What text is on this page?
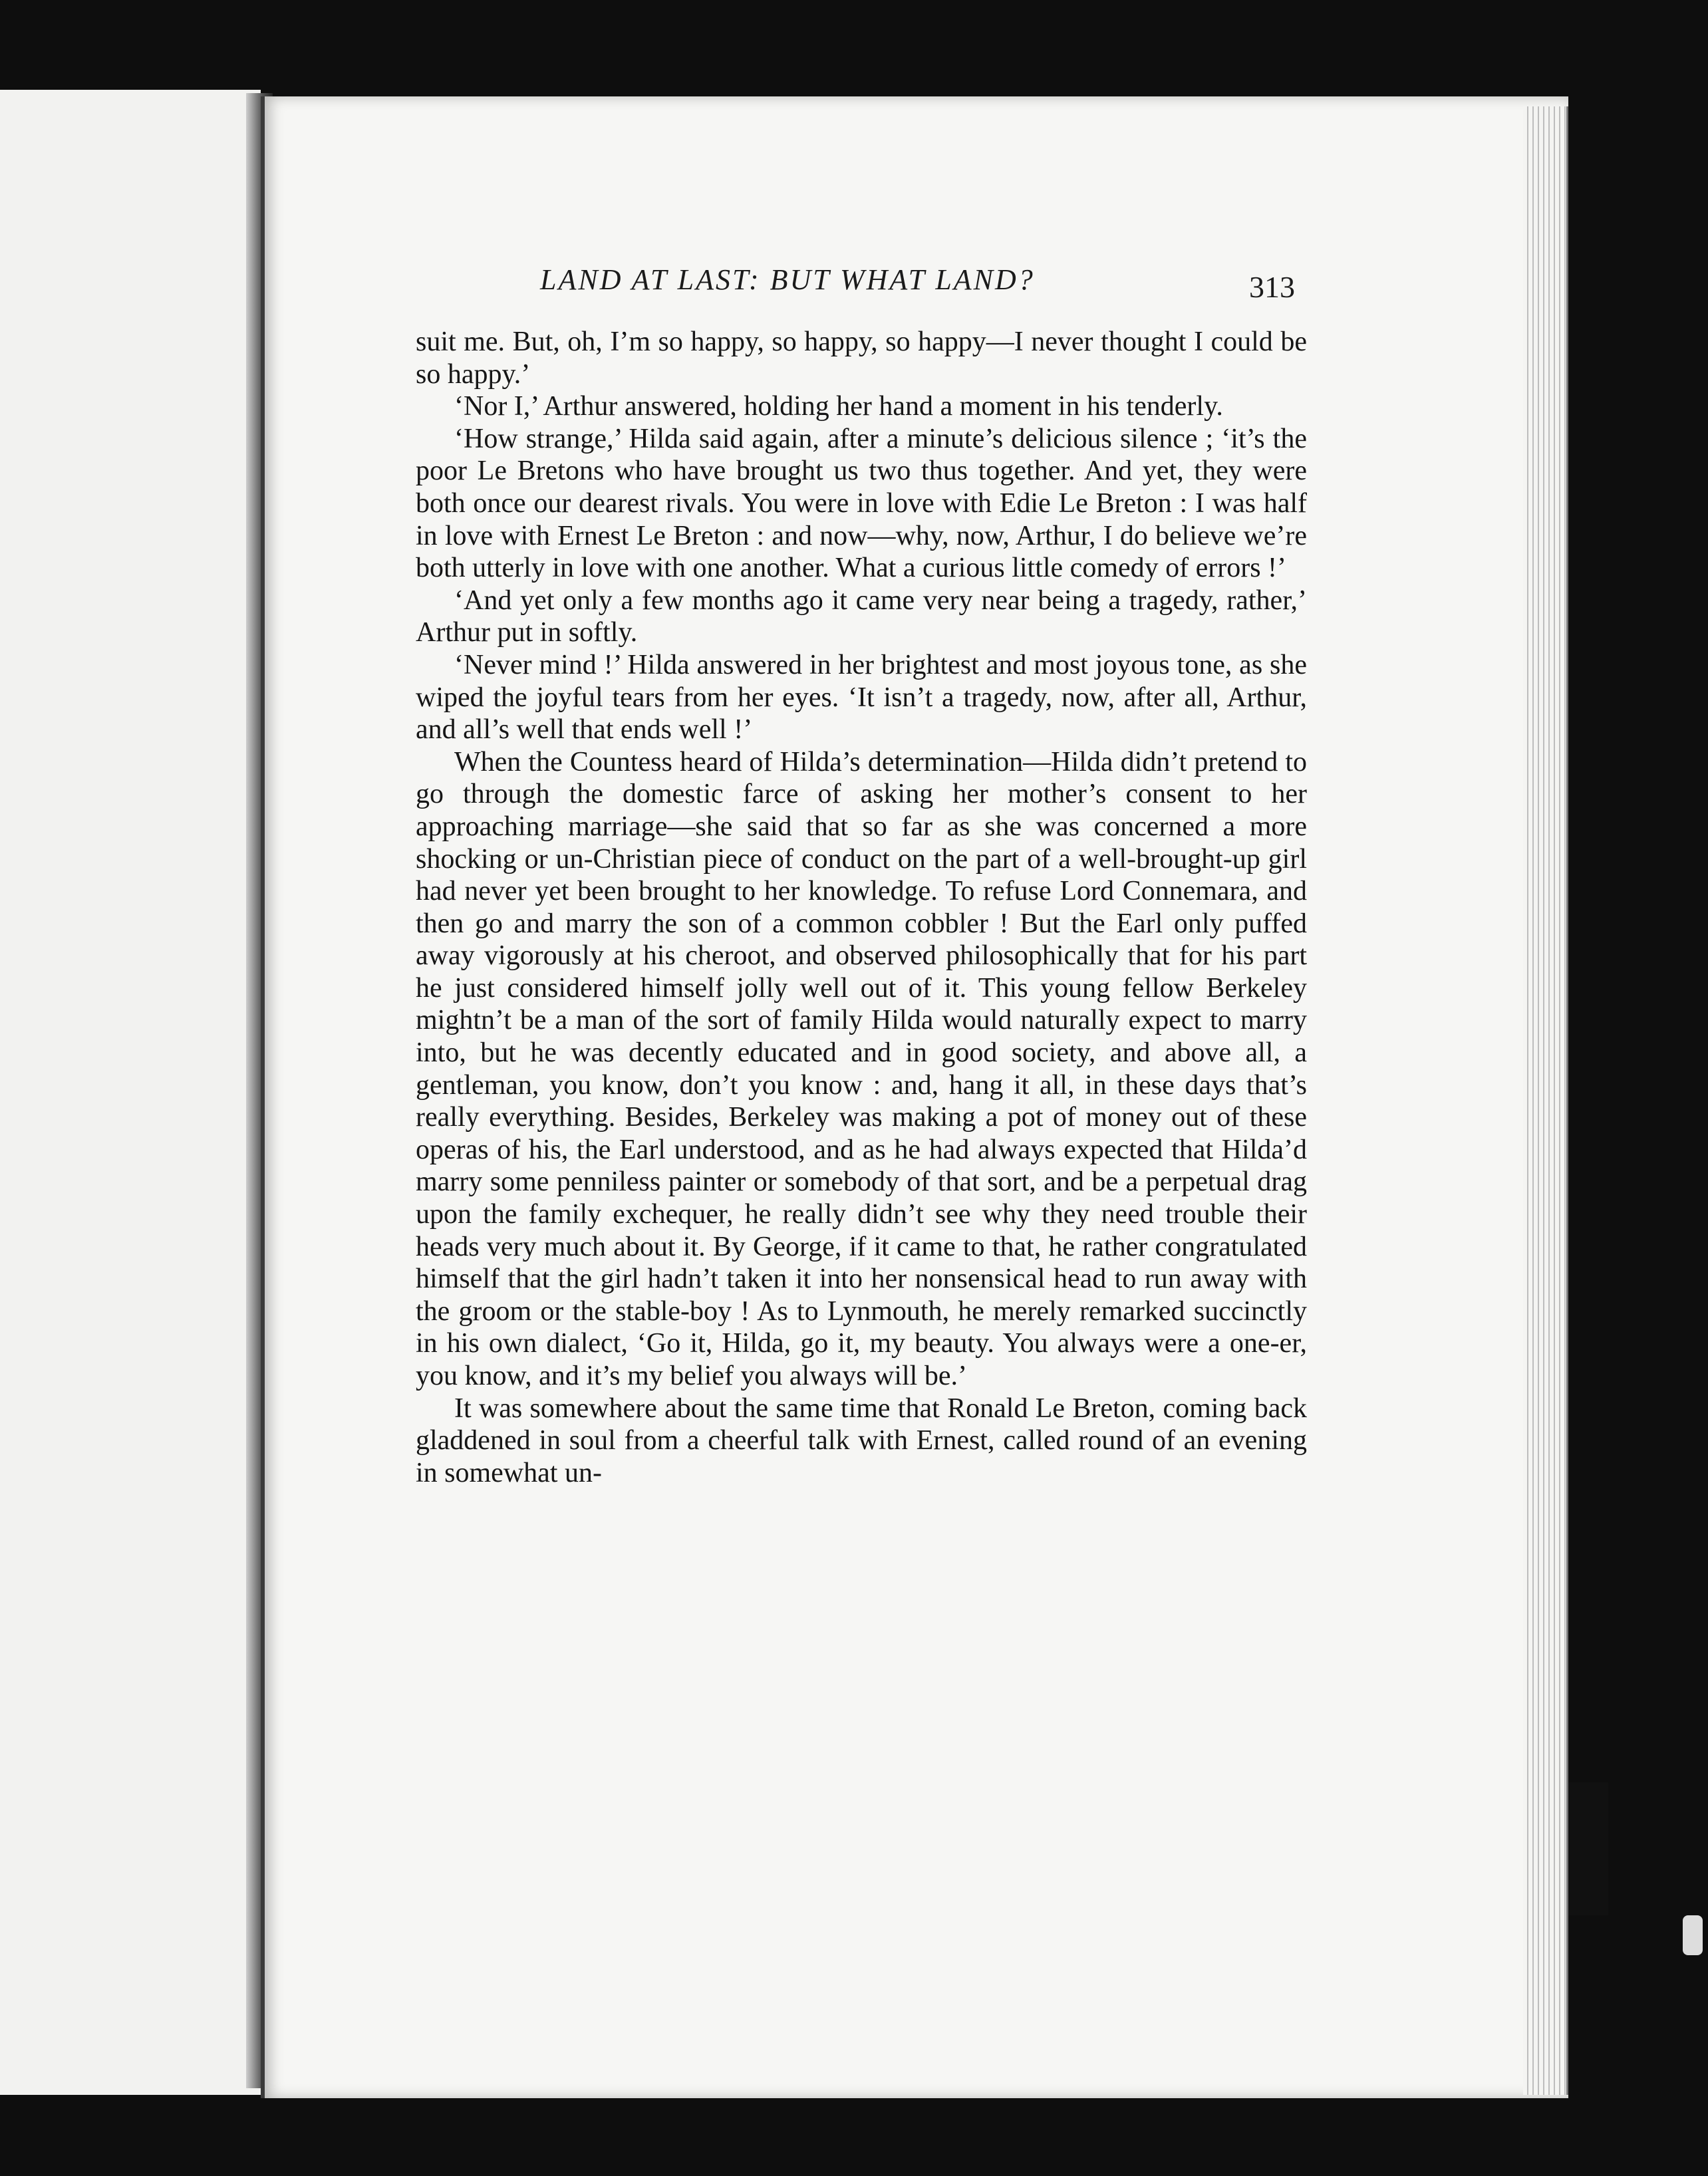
LAND AT LAST: BUT WHAT LAND?	313

suit me. But, oh, I’m so happy, so happy, so happy—I never thought I could be so happy.’

‘Nor I,’ Arthur answered, holding her hand a moment in his tenderly.

‘How strange,’ Hilda said again, after a minute’s delicious silence ; ‘it’s the poor Le Bretons who have brought us two thus together. And yet, they were both once our dearest rivals. You were in love with Edie Le Breton : I was half in love with Ernest Le Breton : and now—why, now, Arthur, I do believe we’re both utterly in love with one another. What a curious little comedy of errors !’

‘And yet only a few months ago it came very near being a tragedy, rather,’ Arthur put in softly.

‘Never mind !’ Hilda answered in her brightest and most joyous tone, as she wiped the joyful tears from her eyes. ‘It isn’t a tragedy, now, after all, Arthur, and all’s well that ends well !’

When the Countess heard of Hilda’s determination—Hilda didn’t pretend to go through the domestic farce of asking her mother’s consent to her approaching marriage—she said that so far as she was concerned a more shocking or un-Christian piece of conduct on the part of a well-brought-up girl had never yet been brought to her knowledge. To refuse Lord Connemara, and then go and marry the son of a common cobbler ! But the Earl only puffed away vigorously at his cheroot, and observed philosophically that for his part he just considered himself jolly well out of it. This young fellow Berkeley mightn’t be a man of the sort of family Hilda would naturally expect to marry into, but he was decently educated and in good society, and above all, a gentleman, you know, don’t you know : and, hang it all, in these days that’s really everything. Besides, Berkeley was making a pot of money out of these operas of his, the Earl understood, and as he had always expected that Hilda’d marry some penniless painter or somebody of that sort, and be a perpetual drag upon the family exchequer, he really didn’t see why they need trouble their heads very much about it. By George, if it came to that, he rather congratulated himself that the girl hadn’t taken it into her nonsensical head to run away with the groom or the stable-boy ! As to Lynmouth, he merely remarked succinctly in his own dialect, ‘Go it, Hilda, go it, my beauty. You always were a one-er, you know, and it’s my belief you always will be.’

It was somewhere about the same time that Ronald Le Breton, coming back gladdened in soul from a cheerful talk with Ernest, called round of an evening in somewhat un-
